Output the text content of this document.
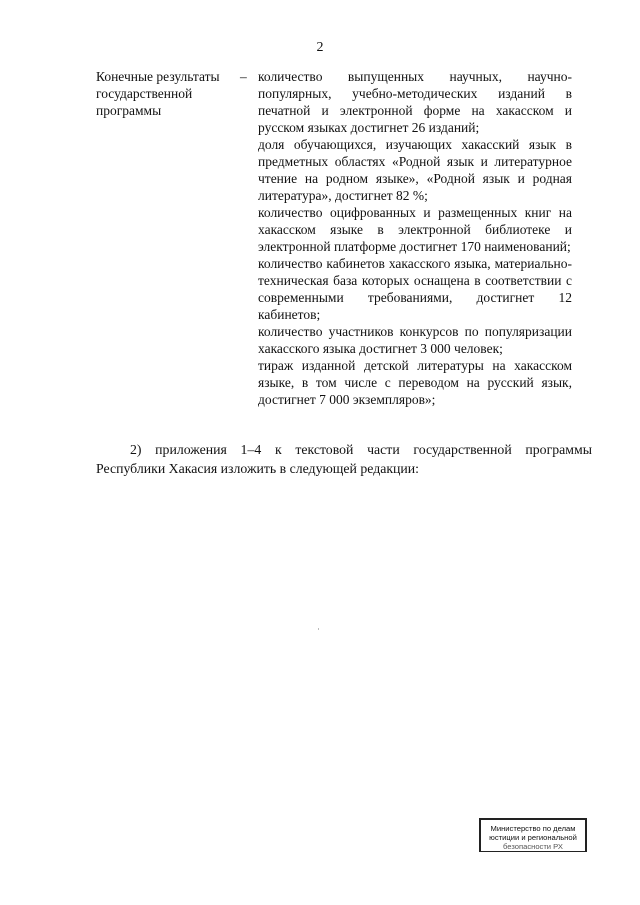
2
Конечные результаты государственной программы
– количество выпущенных научных, научно-популярных, учебно-методических изданий в печатной и электронной форме на хакасском и русском языках достигнет 26 изданий;

доля обучающихся, изучающих хакасский язык в предметных областях «Родной язык и литературное чтение на родном языке», «Родной язык и родная литература», достигнет 82 %;

количество оцифрованных и размещенных книг на хакасском языке в электронной библиотеке и электронной платформе достигнет 170 наименований;

количество кабинетов хакасского языка, материально-техническая база которых оснащена в соответствии с современными требованиями, достигнет 12 кабинетов;

количество участников конкурсов по популяризации хакасского языка достигнет 3 000 человек;

тираж изданной детской литературы на хакасском языке, в том числе с переводом на русский язык, достигнет 7 000 экземпляров»;

2) приложения 1–4 к текстовой части государственной программы Республики Хакасия изложить в следующей редакции:
Министерство по делам
юстиции и региональной
безопасности РХ
